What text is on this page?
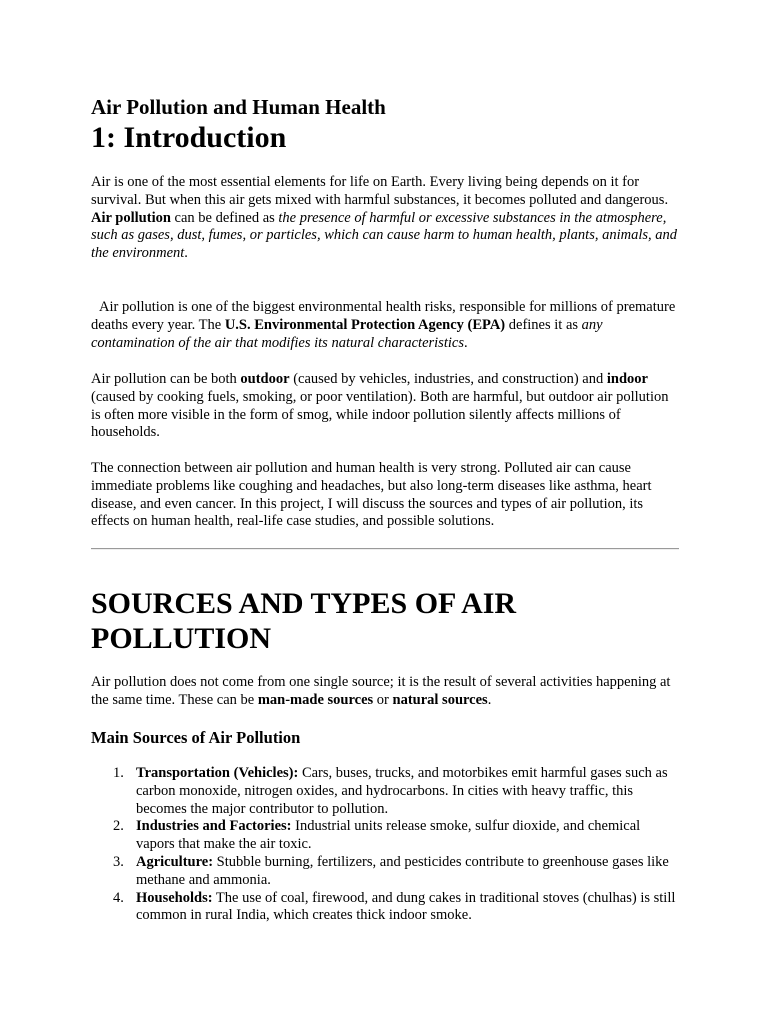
Air Pollution and Human Health
1: Introduction

Air is one of the most essential elements for life on Earth. Every living being depends on it for survival. But when this air gets mixed with harmful substances, it becomes polluted and dangerous.
Air pollution can be defined as the presence of harmful or excessive substances in the atmosphere, such as gases, dust, fumes, or particles, which can cause harm to human health, plants, animals, and the environment.

Air pollution is one of the biggest environmental health risks, responsible for millions of premature deaths every year. The U.S. Environmental Protection Agency (EPA) defines it as any contamination of the air that modifies its natural characteristics.

Air pollution can be both outdoor (caused by vehicles, industries, and construction) and indoor (caused by cooking fuels, smoking, or poor ventilation). Both are harmful, but outdoor air pollution is often more visible in the form of smog, while indoor pollution silently affects millions of households.

The connection between air pollution and human health is very strong. Polluted air can cause immediate problems like coughing and headaches, but also long-term diseases like asthma, heart disease, and even cancer. In this project, I will discuss the sources and types of air pollution, its effects on human health, real-life case studies, and possible solutions.

SOURCES AND TYPES OF AIR POLLUTION

Air pollution does not come from one single source; it is the result of several activities happening at the same time. These can be man-made sources or natural sources.

Main Sources of Air Pollution
1. Transportation (Vehicles): Cars, buses, trucks, and motorbikes emit harmful gases such as carbon monoxide, nitrogen oxides, and hydrocarbons. In cities with heavy traffic, this becomes the major contributor to pollution.
2. Industries and Factories: Industrial units release smoke, sulfur dioxide, and chemical vapors that make the air toxic.
3. Agriculture: Stubble burning, fertilizers, and pesticides contribute to greenhouse gases like methane and ammonia.
4. Households: The use of coal, firewood, and dung cakes in traditional stoves (chulhas) is still common in rural India, which creates thick indoor smoke.
